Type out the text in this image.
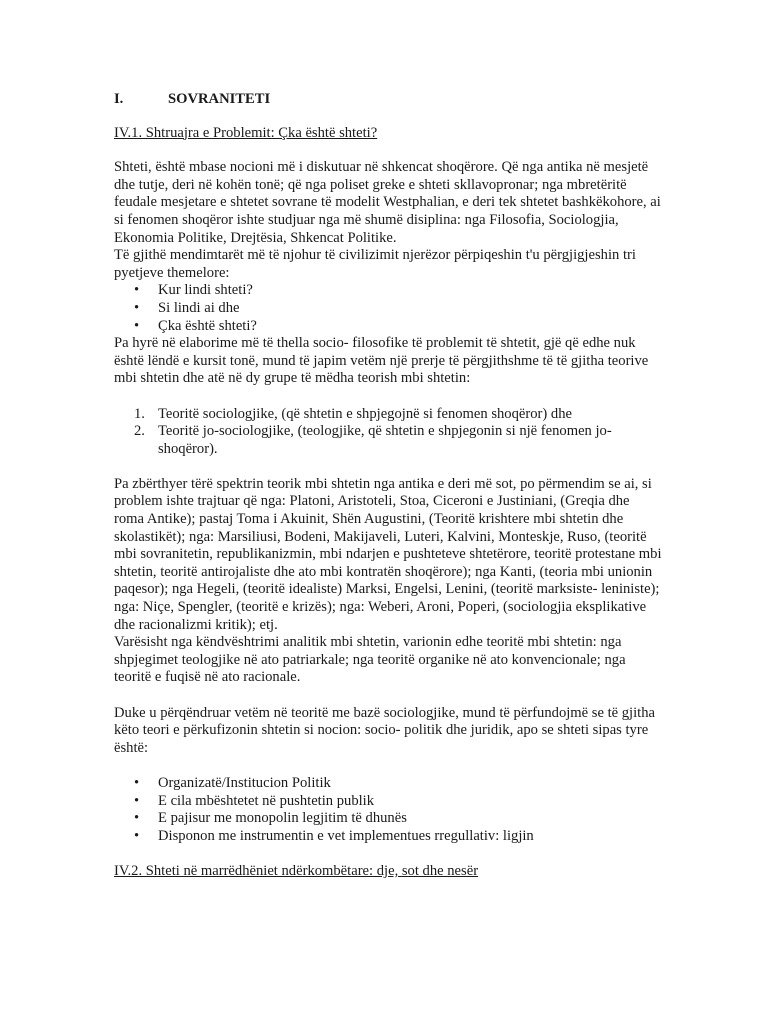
I.	SOVRANITETI
IV.1. Shtruajra e Problemit: Çka është shteti?

Shteti, është mbase nocioni më i diskutuar në shkencat shoqërore. Që nga antika në mesjetë dhe tutje, deri në kohën tonë; që nga poliset greke e shteti skllavopronar; nga mbretëritë feudale mesjetare e shtetet sovrane të modelit Westphalian, e deri tek shtetet bashkëkohore, ai si fenomen shoqëror ishte studjuar nga më shumë disiplina: nga Filosofia, Sociologjia, Ekonomia Politike, Drejtësia, Shkencat Politike.

Të gjithë mendimtarët më të njohur të civilizimit njerëzor përpiqeshin t'u përgjigjeshin tri pyetjeve themelore:

• Kur lindi shteti?
• Si lindi ai dhe
• Çka është shteti?

Pa hyrë në elaborime më të thella socio- filosofike të problemit të shtetit, gjë që edhe nuk është lëndë e kursit tonë, mund të japim vetëm një prerje të përgjithshme të të gjitha teorive mbi shtetin dhe atë në dy grupe të mëdha teorish mbi shtetin:

1. Teoritë sociologjike, (që shtetin e shpjegojnë si fenomen shoqëror) dhe
2. Teoritë jo-sociologjike, (teologjike, që shtetin e shpjegonin si një fenomen jo-shoqëror).

Pa zbërthyer tërë spektrin teorik mbi shtetin nga antika e deri më sot, po përmendim se ai, si problem ishte trajtuar që nga: Platoni, Aristoteli, Stoa, Ciceroni e Justiniani, (Greqia dhe roma Antike); pastaj Toma i Akuinit, Shën Augustini, (Teoritë krishtere mbi shtetin dhe skolastikët); nga: Marsiliusi, Bodeni, Makijaveli, Luteri, Kalvini, Monteskje, Ruso, (teoritë mbi sovranitetin, republikanizmin, mbi ndarjen e pushteteve shtetërore, teoritë protestane mbi shtetin, teoritë antirojaliste dhe ato mbi kontratën shoqërore); nga Kanti, (teoria mbi unionin paqesor); nga Hegeli, (teoritë idealiste) Marksi, Engelsi, Lenini, (teoritë marksiste- leniniste); nga: Niçe, Spengler, (teoritë e krizës); nga: Weberi, Aroni, Poperi, (sociologjia eksplikative dhe racionalizmi kritik); etj.

Varësisht nga këndvështrimi analitik mbi shtetin, varionin edhe teoritë mbi shtetin: nga shpjegimet teologjike në ato patriarkale; nga teoritë organike në ato konvencionale; nga teoritë e fuqisë në ato racionale.

Duke u përqëndruar vetëm në teoritë me bazë sociologjike, mund të përfundojmë se të gjitha këto teori e përkufizonin shtetin si nocion: socio- politik dhe juridik, apo se shteti sipas tyre është:

• Organizatë/Institucion Politik
• E cila mbështetet në pushtetin publik
• E pajisur me monopolin legjitim të dhunës
• Disponon me instrumentin e vet implementues rregullativ: ligjin
IV.2. Shteti në marrëdhëniet ndërkombëtare: dje, sot dhe nesër
